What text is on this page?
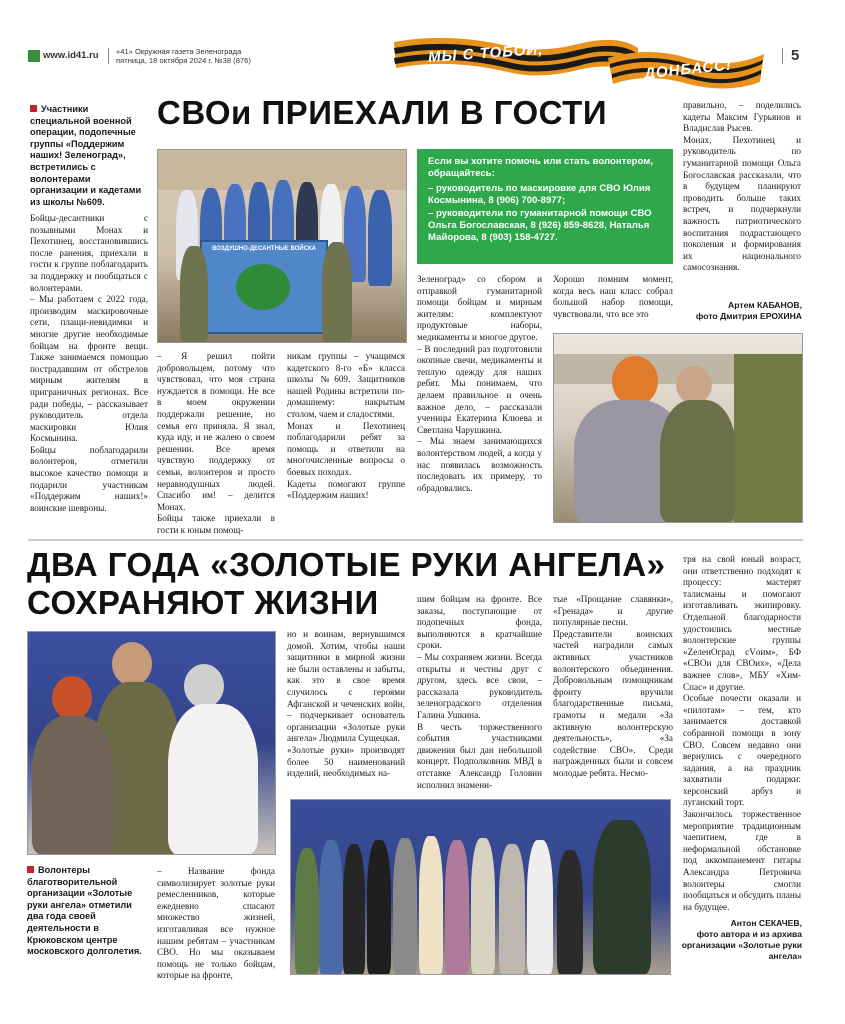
www.id41.ru «41» Окружная газета Зеленограда
пятница, 18 октября 2024 г. №38 (876)	МЫ С ТОБОЙ,
ДОНБАСС!
5
СВОи ПРИЕХАЛИ В ГОСТИ
Участники специальной военной операции, подопечные группы «Поддержим наших! Зеленоград», встретились с волонтерами организации и кадетами из школы №609.
Бойцы-десантники с позывными Монах и Пехотинец, восстановившись после ранения, приехали в гости к группе поблагодарить за поддержку и пообщаться с волонтерами.
– Мы работаем с 2022 года, производим маскировочные сети, плащи-невидимки и многие другие необходимые бойцам на фронте вещи. Также занимаемся помощью пострадавшим от обстрелов мирным жителям в приграничных регионах. Все ради победы, – рассказывает руководитель отдела маскировки Юлия Космынина.
Бойцы поблагодарили волонтеров, отметили высокое качество помощи и подарили участникам «Поддержим наших!» воинские шевроны.
ВОЗДУШНО-ДЕСАНТНЫЕ ВОЙСКА
– Я решил пойти добровольцем, потому что чувствовал, что моя страна нуждается в помощи. Не все в моем окружении поддержали решение, но семья его приняла. Я знал, куда иду, и не жалею о своем решении. Все время чувствую поддержку от семьи, волонтеров и просто неравнодушных людей. Спасибо им! – делится Монах.
Бойцы также приехали в гости к юным помощ-
никам группы – учащимся кадетского 8-го «Б» класса школы №609. Защитников нашей Родины встретили по-домашнему: накрытым столом, чаем и сладостями.
Монах и Пехотинец поблагодарили ребят за помощь и ответили на многочисленные вопросы о боевых походах.
Кадеты помогают группе «Поддержим наших!
Если вы хотите помочь или стать волонтером, обращайтесь:
– руководитель по маскировке для СВО Юлия Космынина, 8 (906) 700-8977;
– руководители по гуманитарной помощи СВО Ольга Богославская, 8 (926) 859-8628, Наталья Майорова, 8 (903) 158-4727.
Зеленоград» со сбором и отправкой гуманитарной помощи бойцам и мирным жителям: комплектуют продуктовые наборы, медикаменты и многое другое.
– В последний раз подготовили окопные свечи, медикаменты и теплую одежду для наших ребят. Мы понимаем, что делаем правильное и очень важное дело, – рассказали ученицы Екатерина Клюева и Светлана Чарушкина.
– Мы знаем занимающихся волонтерством людей, а когда у нас появилась возможность последовать их примеру, то обрадовались.
Хорошо помним момент, когда весь наш класс собрал большой набор помощи, чувствовали, что все это
правильно, – поделились кадеты Максим Гурьянов и Владислав Рысев.
Монах, Пехотинец и руководитель по гуманитарной помощи Ольга Богославская рассказали, что в будущем планируют проводить больше таких встреч, и подчеркнули важность патриотического воспитания подрастающего поколения и формирования их национального самосознания.
Артем КАБАНОВ,
фото Дмитрия ЕРОХИНА
ДВА ГОДА «ЗОЛОТЫЕ РУКИ АНГЕЛА»
СОХРАНЯЮТ ЖИЗНИ
Волонтеры благотворительной организации «Золотые руки ангела» отметили два года своей деятельности в Крюковском центре московского долголетия.
– Название фонда символизирует золотые руки ремесленников, которые ежедневно спасают множество жизней, изготавливая все нужное нашим ребятам – участникам СВО. Но мы оказываем помощь не только бойцам, которые на фронте,
но и воинам, вернувшимся домой. Хотим, чтобы наши защитники в мирной жизни не были оставлены и забыты, как это в свое время случилось с героями Афганской и чеченских войн, – подчеркивает основатель организации «Золотые руки ангела» Людмила Сущецкая.
«Золотые руки» производят более 50 наименований изделий, необходимых на-
шим бойцам на фронте. Все заказы, поступающие от подопечных фонда, выполняются в кратчайшие сроки.
– Мы сохраняем жизни. Всегда открыты и честны друг с другом, здесь все свои, – рассказала руководитель зеленоградского отделения Галина Ушкина.
В честь торжественного события участниками движения был дан небольшой концерт. Подполковник МВД в отставке Александр Головин исполнил знамени-
тые «Прощание славянки», «Гренада» и другие популярные песни.
Представители воинских частей наградили самых активных участников волонтерского объединения. Добровольным помощникам фронту вручили благодарственные письма, грамоты и медали «За активную волонтерскую деятельность», «За содействие СВО». Среди награжденных были и совсем молодые ребята. Несмо-
тря на свой юный возраст, они ответственно подходят к процессу: мастерят талисманы и помогают изготавливать экипировку. Отдельной благодарности удостоились местные волонтерские группы «ZеленОград сVоим», БФ «СВОи для СВОих», «Дела важнее слов», МБУ «Хим-Спас» и другие.
Особые почести оказали и «пилотам» – тем, кто занимается доставкой собранной помощи в зону СВО. Совсем недавно они вернулись с очередного задания, а на праздник захватили подарки: херсонский арбуз и луганский торт.
Закончилось торжественное мероприятие традиционным чаепитием, где в неформальной обстановке под аккомпанемент гитары Александра Петровича волонтеры смогли пообщаться и обсудить планы на будущее.
Антон СЕКАЧЕВ,
фото автора и из архива организации «Золотые руки ангела»
